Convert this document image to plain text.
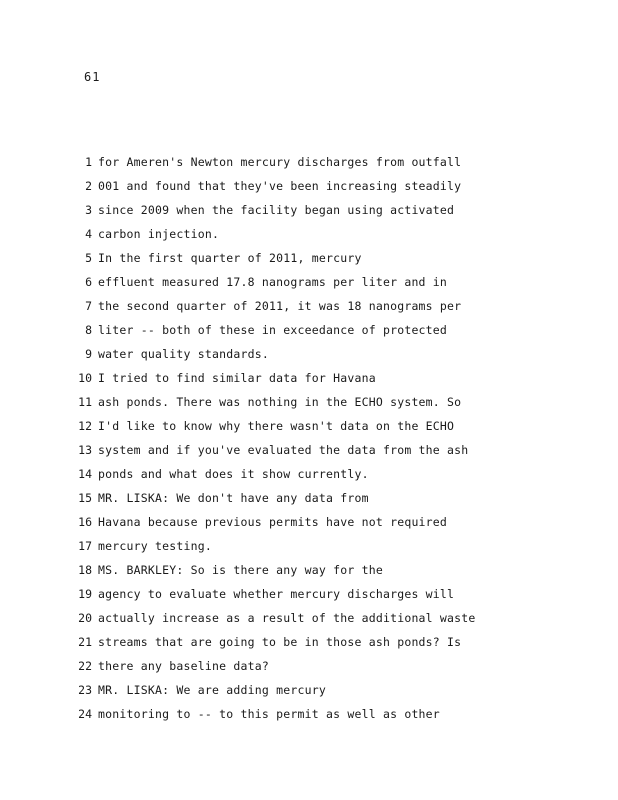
61
1 for Ameren's Newton mercury discharges from outfall
2 001 and found that they've been increasing steadily
3 since 2009 when the facility began using activated
4 carbon injection.
5 In the first quarter of 2011, mercury
6 effluent measured 17.8 nanograms per liter and in
7 the second quarter of 2011, it was 18 nanograms per
8 liter -- both of these in exceedance of protected
9 water quality standards.
10 I tried to find similar data for Havana
11 ash ponds. There was nothing in the ECHO system. So
12 I'd like to know why there wasn't data on the ECHO
13 system and if you've evaluated the data from the ash
14 ponds and what does it show currently.
15 MR. LISKA: We don't have any data from
16 Havana because previous permits have not required
17 mercury testing.
18 MS. BARKLEY: So is there any way for the
19 agency to evaluate whether mercury discharges will
20 actually increase as a result of the additional waste
21 streams that are going to be in those ash ponds? Is
22 there any baseline data?
23 MR. LISKA: We are adding mercury
24 monitoring to -- to this permit as well as other
